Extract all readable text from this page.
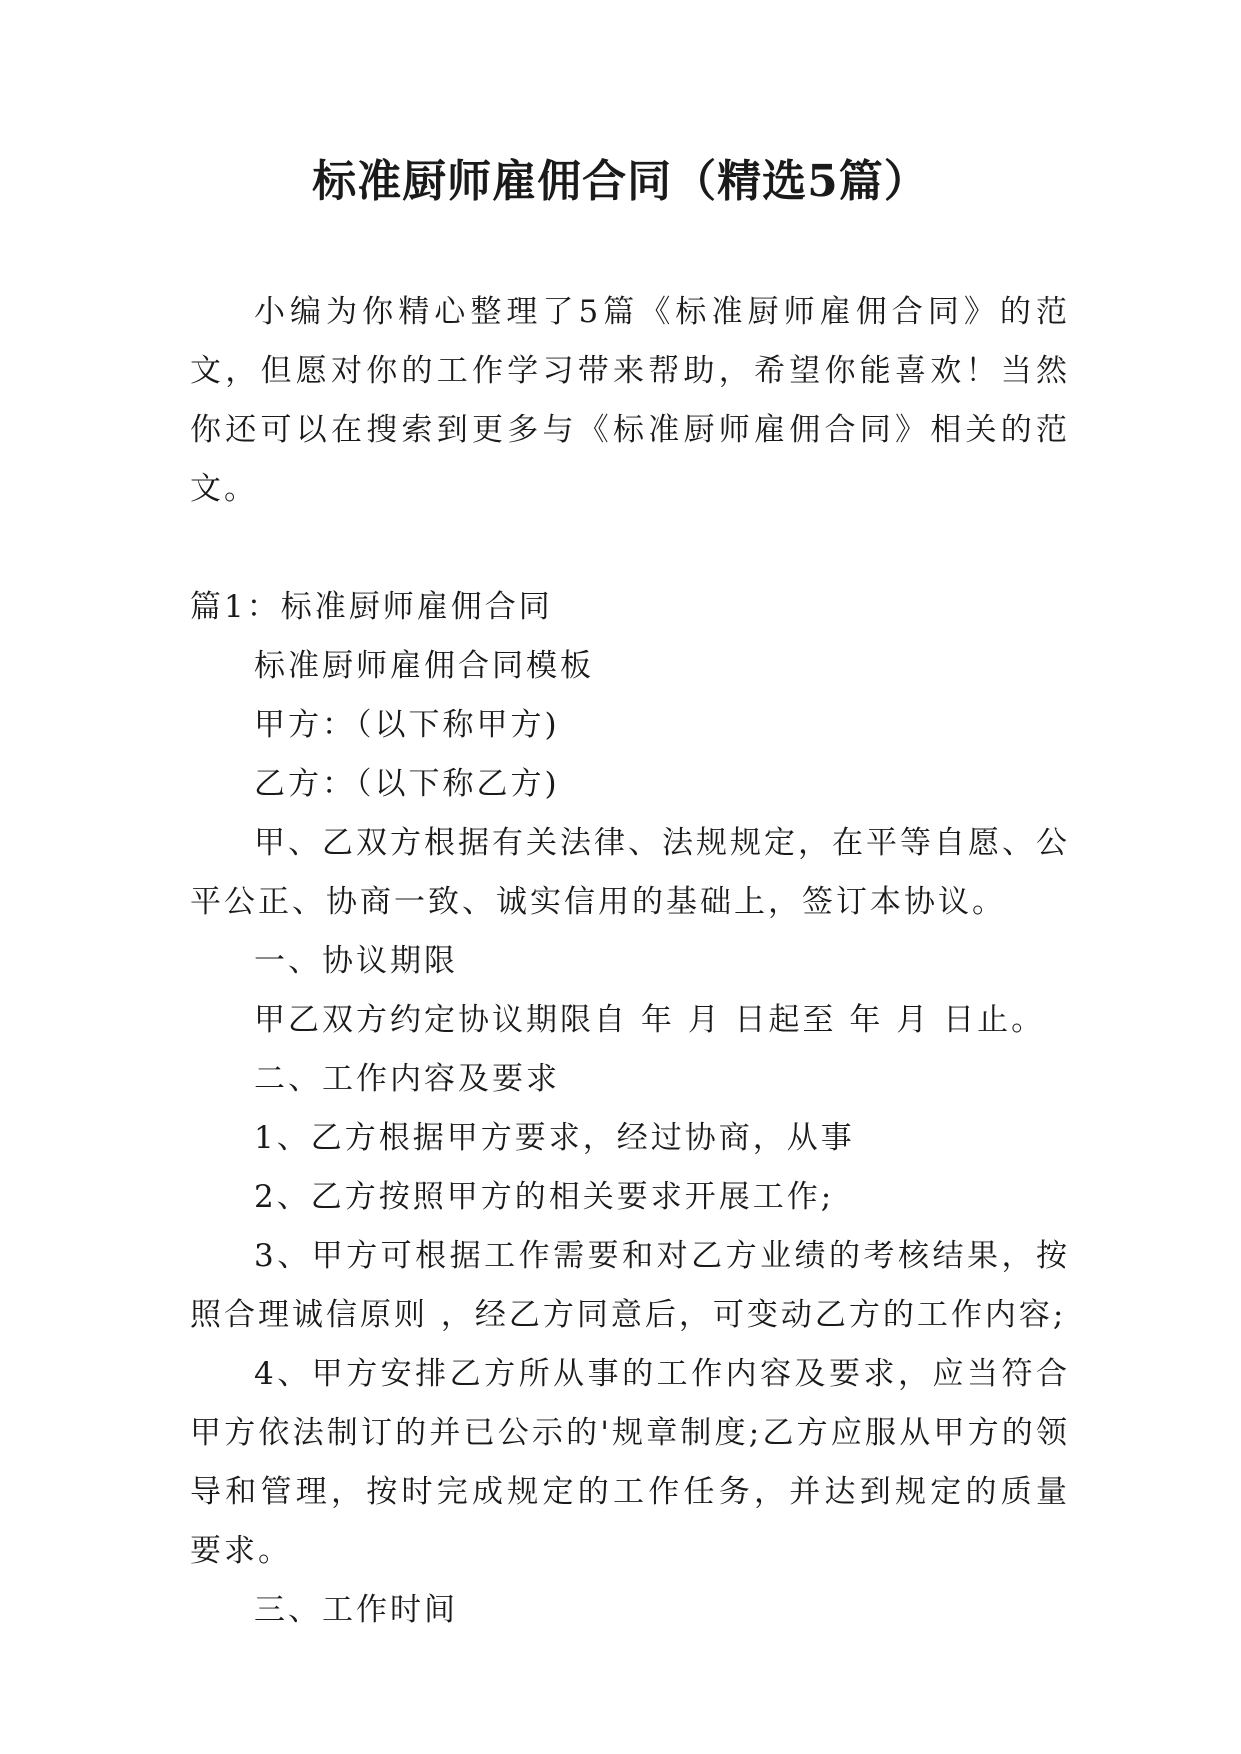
标准厨师雇佣合同（精选5篇）

小编为你精心整理了5篇《标准厨师雇佣合同》的范文，但愿对你的工作学习带来帮助，希望你能喜欢！当然你还可以在搜索到更多与《标准厨师雇佣合同》相关的范文。

篇1：标准厨师雇佣合同

标准厨师雇佣合同模板

甲方：（以下称甲方)

乙方：（以下称乙方)

甲、乙双方根据有关法律、法规规定，在平等自愿、公平公正、协商一致、诚实信用的基础上，签订本协议。

一、协议期限

甲乙双方约定协议期限自 年 月 日起至 年 月 日止。

二、工作内容及要求

1、乙方根据甲方要求，经过协商，从事

2、乙方按照甲方的相关要求开展工作;

3、甲方可根据工作需要和对乙方业绩的考核结果，按照合理诚信原则 ，经乙方同意后，可变动乙方的工作内容;

4、甲方安排乙方所从事的工作内容及要求，应当符合甲方依法制订的并已公示的'规章制度;乙方应服从甲方的领导和管理，按时完成规定的工作任务，并达到规定的质量要求。

三、工作时间
